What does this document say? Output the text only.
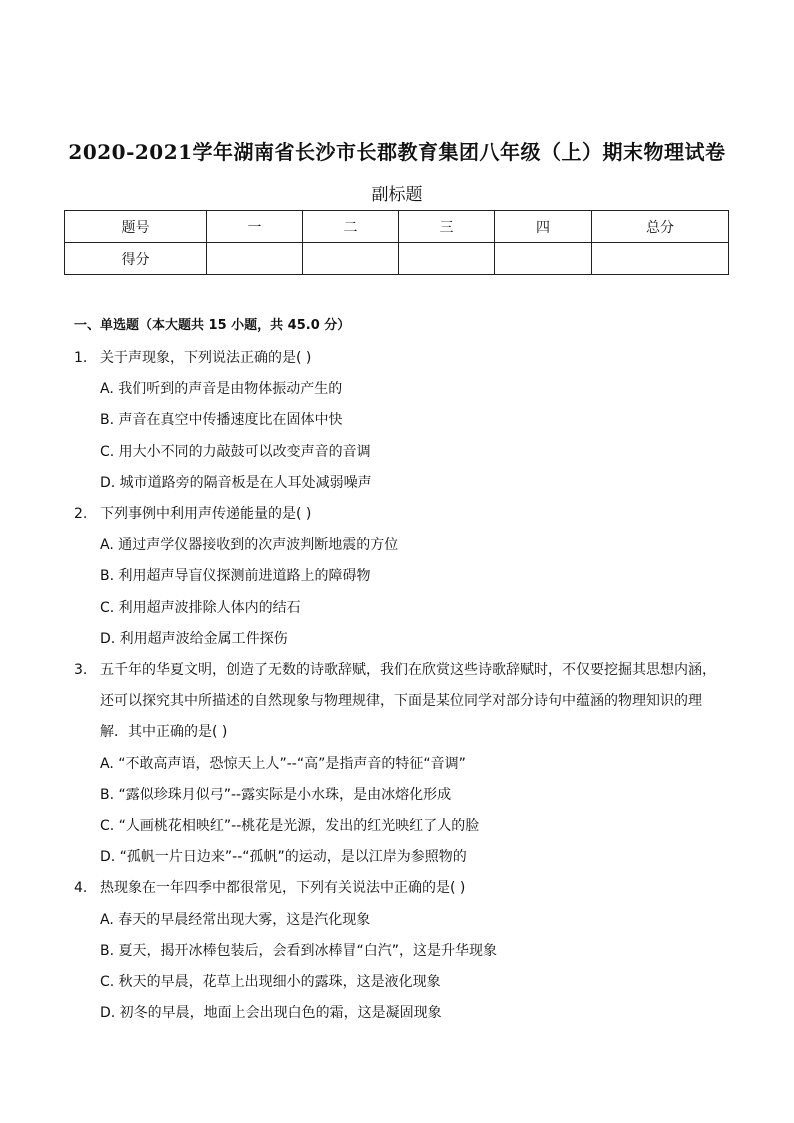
2020-2021学年湖南省长沙市长郡教育集团八年级（上）期末物理试卷
副标题
题号	一	二	三	四	总分
得分					
一、单选题（本大题共 15 小题，共 45.0 分）
1. 关于声现象，下列说法正确的是( )
A. 我们听到的声音是由物体振动产生的
B. 声音在真空中传播速度比在固体中快
C. 用大小不同的力敲鼓可以改变声音的音调
D. 城市道路旁的隔音板是在人耳处减弱噪声
2. 下列事例中利用声传递能量的是( )
A. 通过声学仪器接收到的次声波判断地震的方位
B. 利用超声导盲仪探测前进道路上的障碍物
C. 利用超声波排除人体内的结石
D. 利用超声波给金属工件探伤
3. 五千年的华夏文明，创造了无数的诗歌辞赋，我们在欣赏这些诗歌辞赋时，不仅要挖掘其思想内涵，
还可以探究其中所描述的自然现象与物理规律，下面是某位同学对部分诗句中蕴涵的物理知识的理
解．其中正确的是( )
A. “不敢高声语，恐惊天上人”--“高”是指声音的特征“音调”
B. “露似珍珠月似弓”--露实际是小水珠，是由冰熔化形成
C. “人画桃花相映红”--桃花是光源，发出的红光映红了人的脸
D. “孤帆一片日边来”--“孤帆”的运动，是以江岸为参照物的
4. 热现象在一年四季中都很常见，下列有关说法中正确的是( )
A. 春天的早晨经常出现大雾，这是汽化现象
B. 夏天，揭开冰棒包装后，会看到冰棒冒“白汽”，这是升华现象
C. 秋天的早晨，花草上出现细小的露珠，这是液化现象
D. 初冬的早晨，地面上会出现白色的霜，这是凝固现象
